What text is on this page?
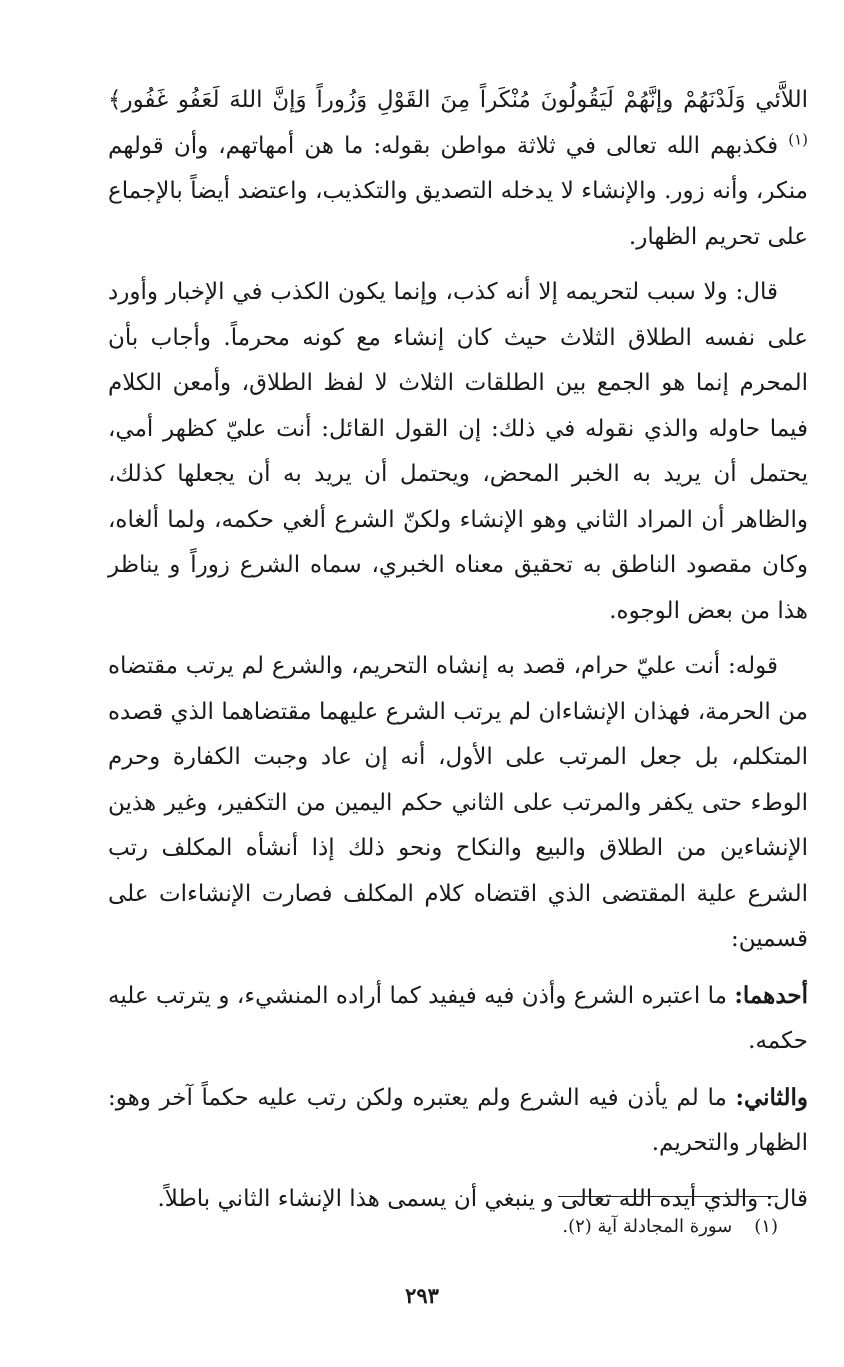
اللاَّئي وَلَدْنَهُمْ وإنَّهُمْ لَيَقُولُونَ مُنْكَراً مِنَ القَوْلِ وَزُوراً وَإنَّ اللهَ لَعَفُو غَفُور﴾ $^{(١)}$ فكذبهم الله تعالى في ثلاثة مواطن بقوله: ما هن أمهاتهم، وأن قولهم منكر، وأنه زور. والإنشاء لا يدخله التصديق والتكذيب، واعتضد أيضاً بالإجماع على تحريم الظهار.

قال: ولا سبب لتحريمه إلا أنه كذب، وإنما يكون الكذب في الإخبار وأورد على نفسه الطلاق الثلاث حيث كان إنشاء مع كونه محرماً. وأجاب بأن المحرم إنما هو الجمع بين الطلقات الثلاث لا لفظ الطلاق، وأمعن الكلام فيما حاوله والذي نقوله في ذلك: إن القول القائل: أنت عليّ كظهر أمي، يحتمل أن يريد به الخبر المحض، ويحتمل أن يريد به أن يجعلها كذلك، والظاهر أن المراد الثاني وهو الإنشاء ولكنّ الشرع ألغي حكمه، ولما ألغاه، وكان مقصود الناطق به تحقيق معناه الخبري، سماه الشرع زوراً و يناظر هذا من بعض الوجوه.

قوله: أنت عليّ حرام، قصد به إنشاه التحريم، والشرع لم يرتب مقتضاه من الحرمة، فهذان الإنشاءان لم يرتب الشرع عليهما مقتضاهما الذي قصده المتكلم، بل جعل المرتب على الأول، أنه إن عاد وجبت الكفارة وحرم الوطء حتى يكفر والمرتب على الثاني حكم اليمين من التكفير، وغير هذين الإنشاءين من الطلاق والبيع والنكاح ونحو ذلك إذا أنشأه المكلف رتب الشرع علية المقتضى الذي اقتضاه كلام المكلف فصارت الإنشاءات على قسمين:

أحدهما: ما اعتبره الشرع وأذن فيه فيفيد كما أراده المنشيء، و يترتب عليه حكمه.

والثاني: ما لم يأذن فيه الشرع ولم يعتبره ولكن رتب عليه حكماً آخر وهو: الظهار والتحريم.

قال: والذي أيده الله تعالى و ينبغي أن يسمى هذا الإنشاء الثاني باطلاً.

(١)سورة المجادلة آية (٢).
٢٩٣
